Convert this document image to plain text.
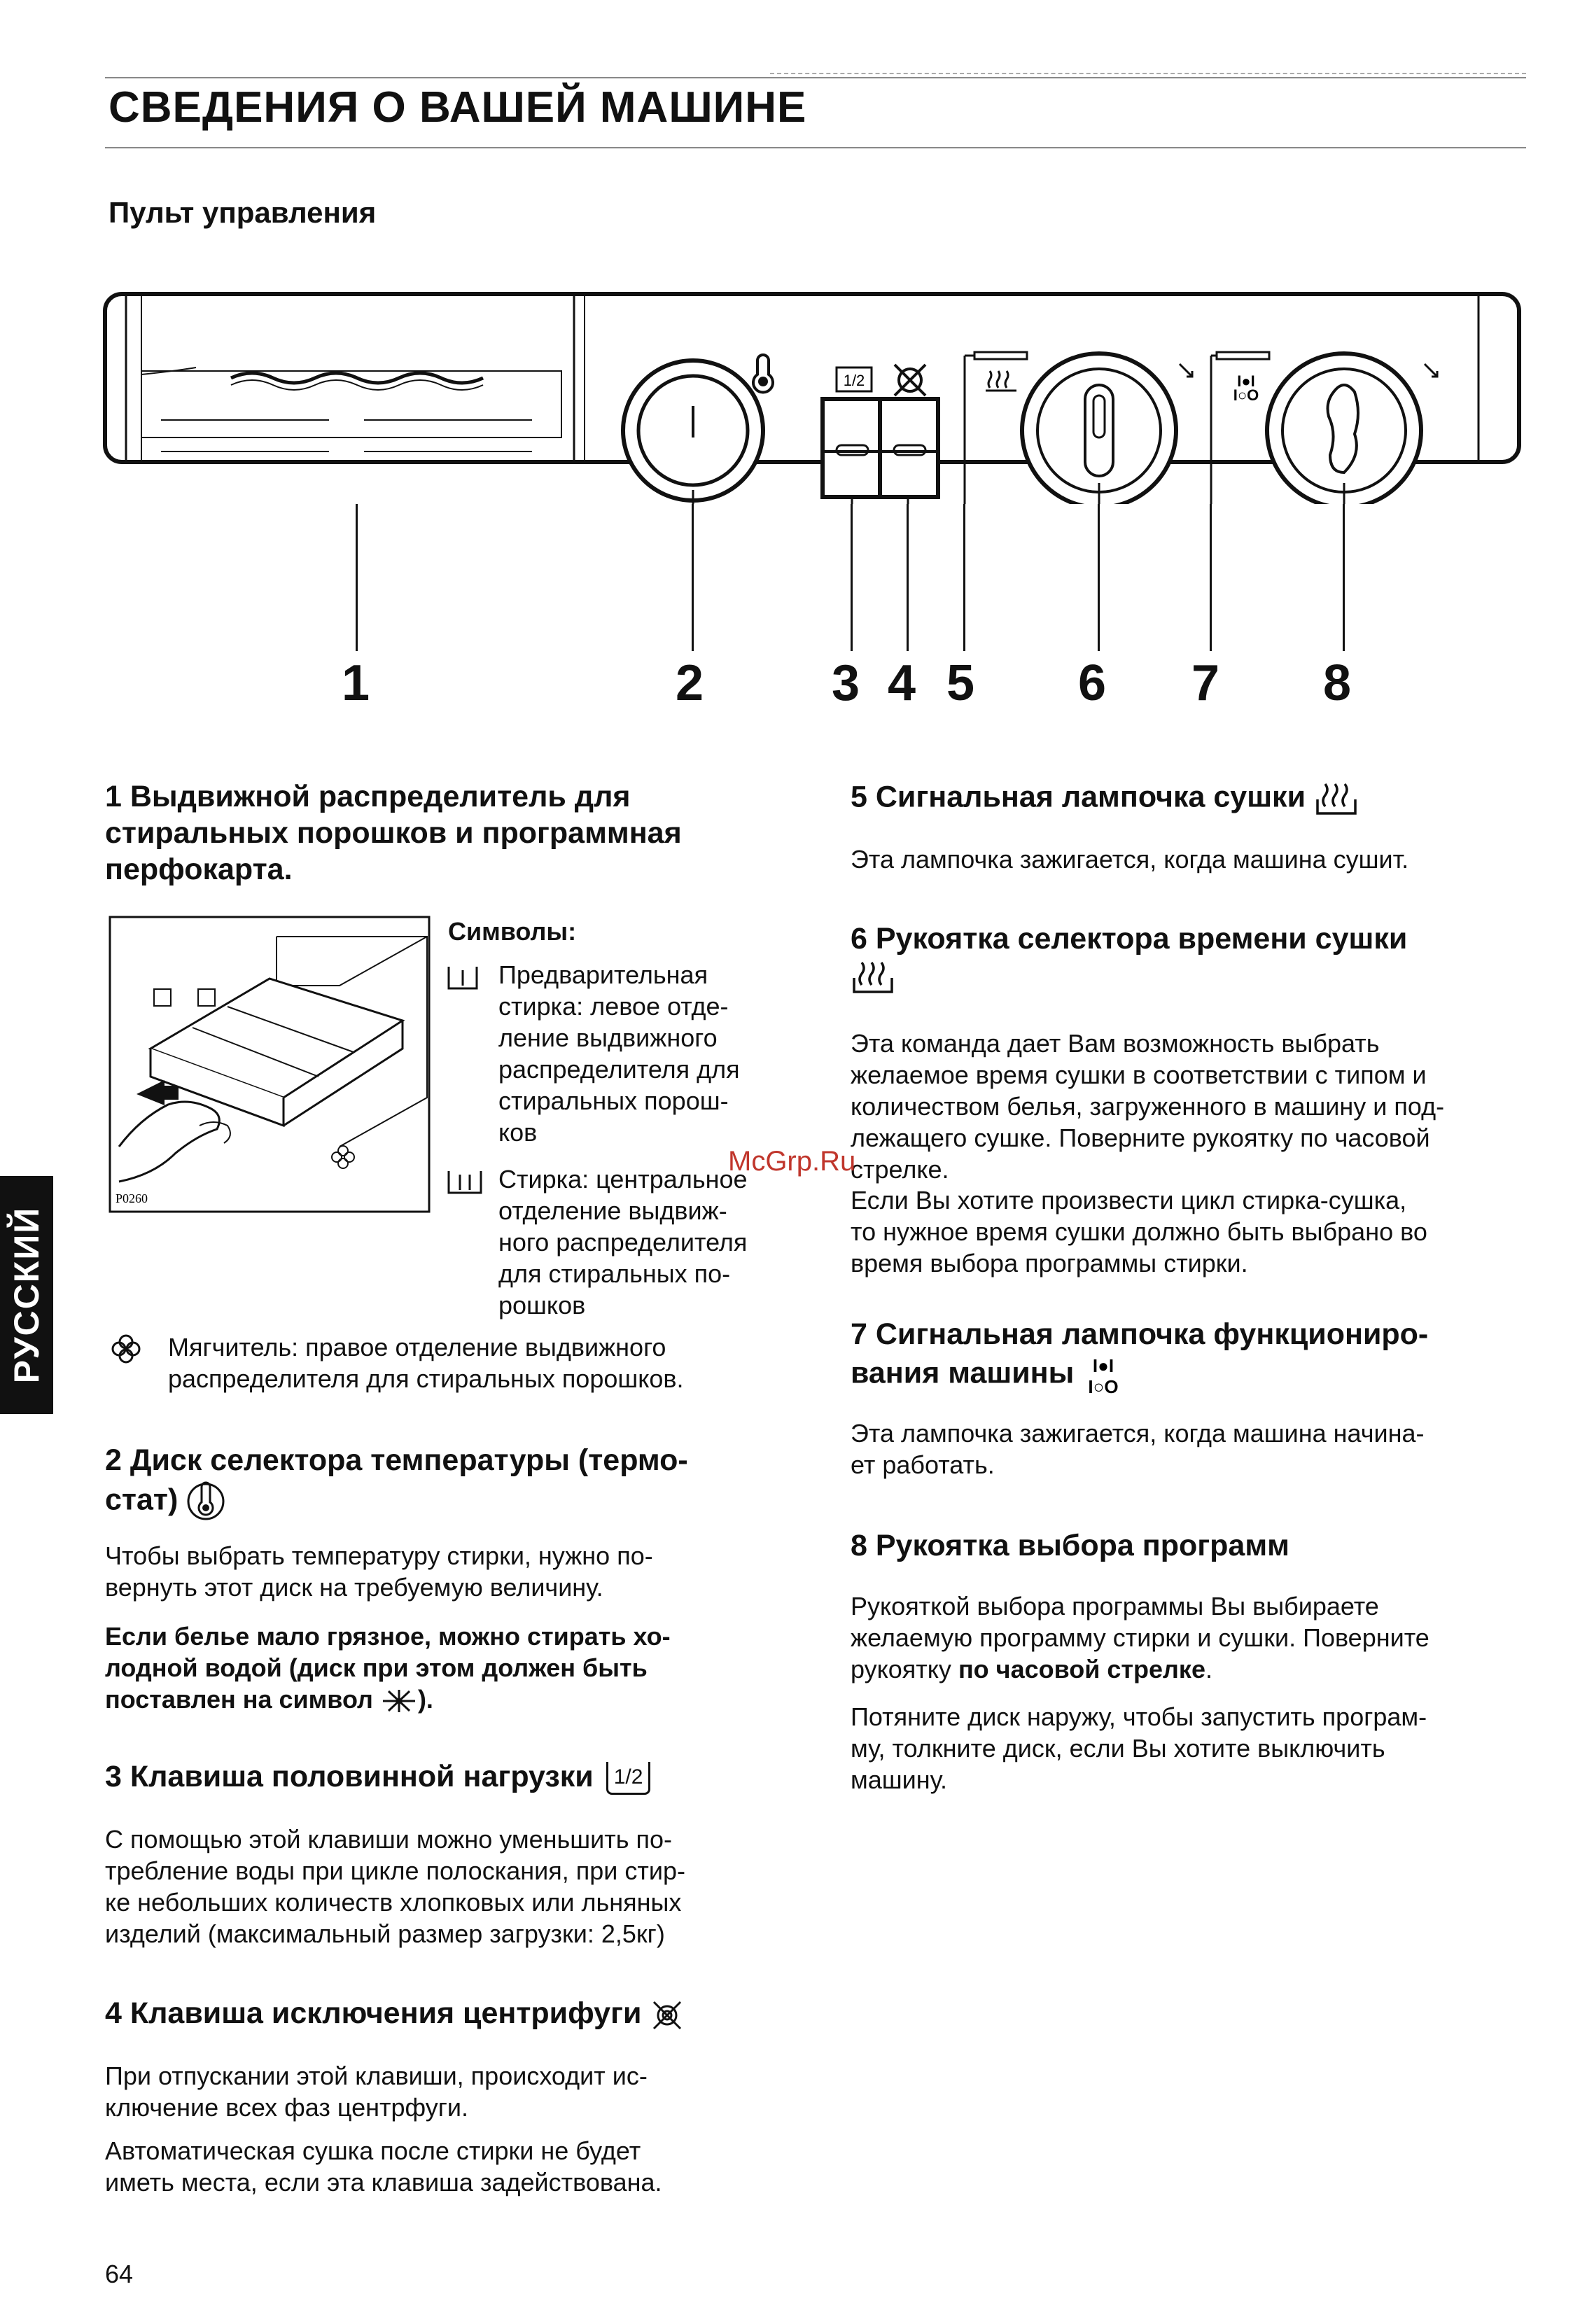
СВЕДЕНИЯ О ВАШЕЙ МАШИНЕ
Пульт управления
1/2	I●I
I○O
1	2	3 4 5 6 7 8
РУССКИЙ
1 Выдвижной распределитель для
стиральных порошков и программная
перфокарта.
P0260
Символы:
Предварительная
стирка: левое отде-
ление выдвижного
распределителя для
стиральных порош-
ков
Стирка: центральное
отделение выдвиж-
ного распределителя
для стиральных по-
рошков
Мягчитель: правое отделение выдвижного
распределителя для стиральных порошков.
2 Диск селектора температуры (термо-
стат)
Чтобы выбрать температуру стирки, нужно по-
вернуть этот диск на требуемую величину.
Если белье мало грязное, можно стирать хо-
лодной водой (диск при этом должен быть
поставлен на символ ).
3 Клавиша половинной нагрузки 1/2
С помощью этой клавиши можно уменьшить по-
требление воды при цикле полоскания, при стир-
ке небольших количеств хлопковых или льняных
изделий (максимальный размер загрузки: 2,5кг)
4 Клавиша исключения центрифуги
При отпускании этой клавиши, происходит ис-
ключение всех фаз центрфуги.
Автоматическая сушка после стирки не будет
иметь места, если эта клавиша задействована.
5 Сигнальная лампочка сушки
Эта лампочка зажигается, когда машина сушит.
6 Рукоятка селектора времени сушки
Эта команда дает Вам возможность выбрать
желаемое время сушки в соответствии с типом и
количеством белья, загруженного в машину и под-
лежащего сушке. Поверните рукоятку по часовой
стрелке.
Если Вы хотите произвести цикл стирка-сушка,
то нужное время сушки должно быть выбрано во
время выбора программы стирки.
7 Сигнальная лампочка функциониро-
вания машины I●I
I○O
Эта лампочка зажигается, когда машина начина-
ет работать.
8 Рукоятка выбора программ
Рукояткой выбора программы Вы выбираете
желаемую программу стирки и сушки. Поверните
рукоятку по часовой стрелке.
Потяните диск наружу, чтобы запустить програм-
му, толкните диск, если Вы хотите выключить
машину.
McGrp.Ru
64
